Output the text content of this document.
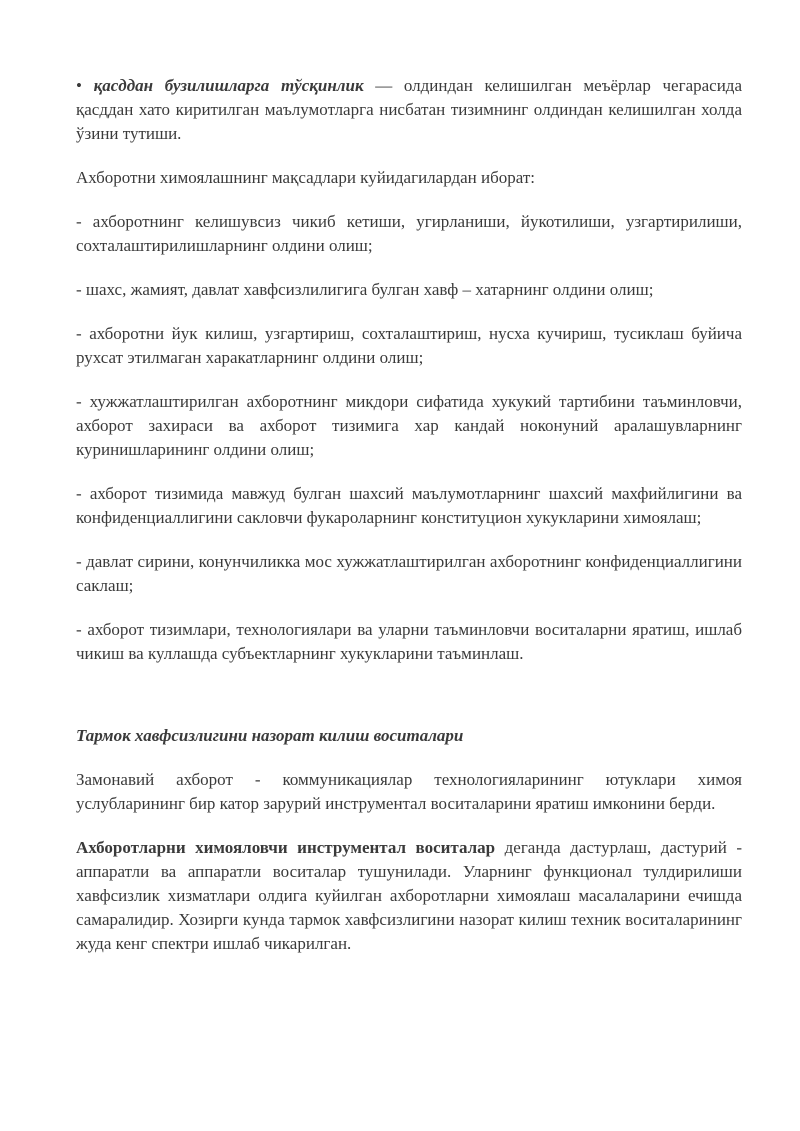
• қасддан бузилишларга тўсқинлик — олдиндан келишилган меъёрлар чегарасида қасддан хато киритилган маълумотларга нисбатан тизимнинг олдиндан келишилган холда ўзини тутиши.

Ахборотни химоялашнинг мақсадлари куйидагилардан иборат:

- ахборотнинг келишувсиз чикиб кетиши, угирланиши, йукотилиши, узгартирилиши, сохталаштирилишларнинг олдини олиш;

- шахс, жамият, давлат хавфсизлилигига булган хавф – хатарнинг олдини олиш;

- ахборотни йук килиш, узгартириш, сохталаштириш, нусха кучириш, тусиклаш буйича рухсат этилмаган харакатларнинг олдини олиш;

- хужжатлаштирилган ахборотнинг микдори сифатида хукукий тартибини таъминловчи, ахборот захираси ва ахборот тизимига хар кандай ноконуний аралашувларнинг куринишларининг олдини олиш;

- ахборот тизимида мавжуд булган шахсий маълумотларнинг шахсий махфийлигини ва конфиденциаллигини сакловчи фукароларнинг конституцион хукукларини химоялаш;

- давлат сирини, конунчиликка мос хужжатлаштирилган ахборотнинг конфиденциаллигини саклаш;

- ахборот тизимлари, технологиялари ва уларни таъминловчи воситаларни яратиш, ишлаб чикиш ва куллашда субъектларнинг хукукларини таъминлаш.

Тармок хавфсизлигини назорат килиш воситалари

Замонавий ахборот - коммуникациялар технологияларининг ютуклари химоя услубларининг бир катор зарурий инструментал воситаларини яратиш имконини берди.

Ахборотларни химояловчи инструментал воситалар деганда дастурлаш, дастурий - аппаратли ва аппаратли воситалар тушунилади. Уларнинг функционал тулдирилиши хавфсизлик хизматлари олдига куйилган ахборотларни химоялаш масалаларини ечишда самаралидир. Хозирги кунда тармок хавфсизлигини назорат килиш техник воситаларининг жуда кенг спектри ишлаб чикарилган.
